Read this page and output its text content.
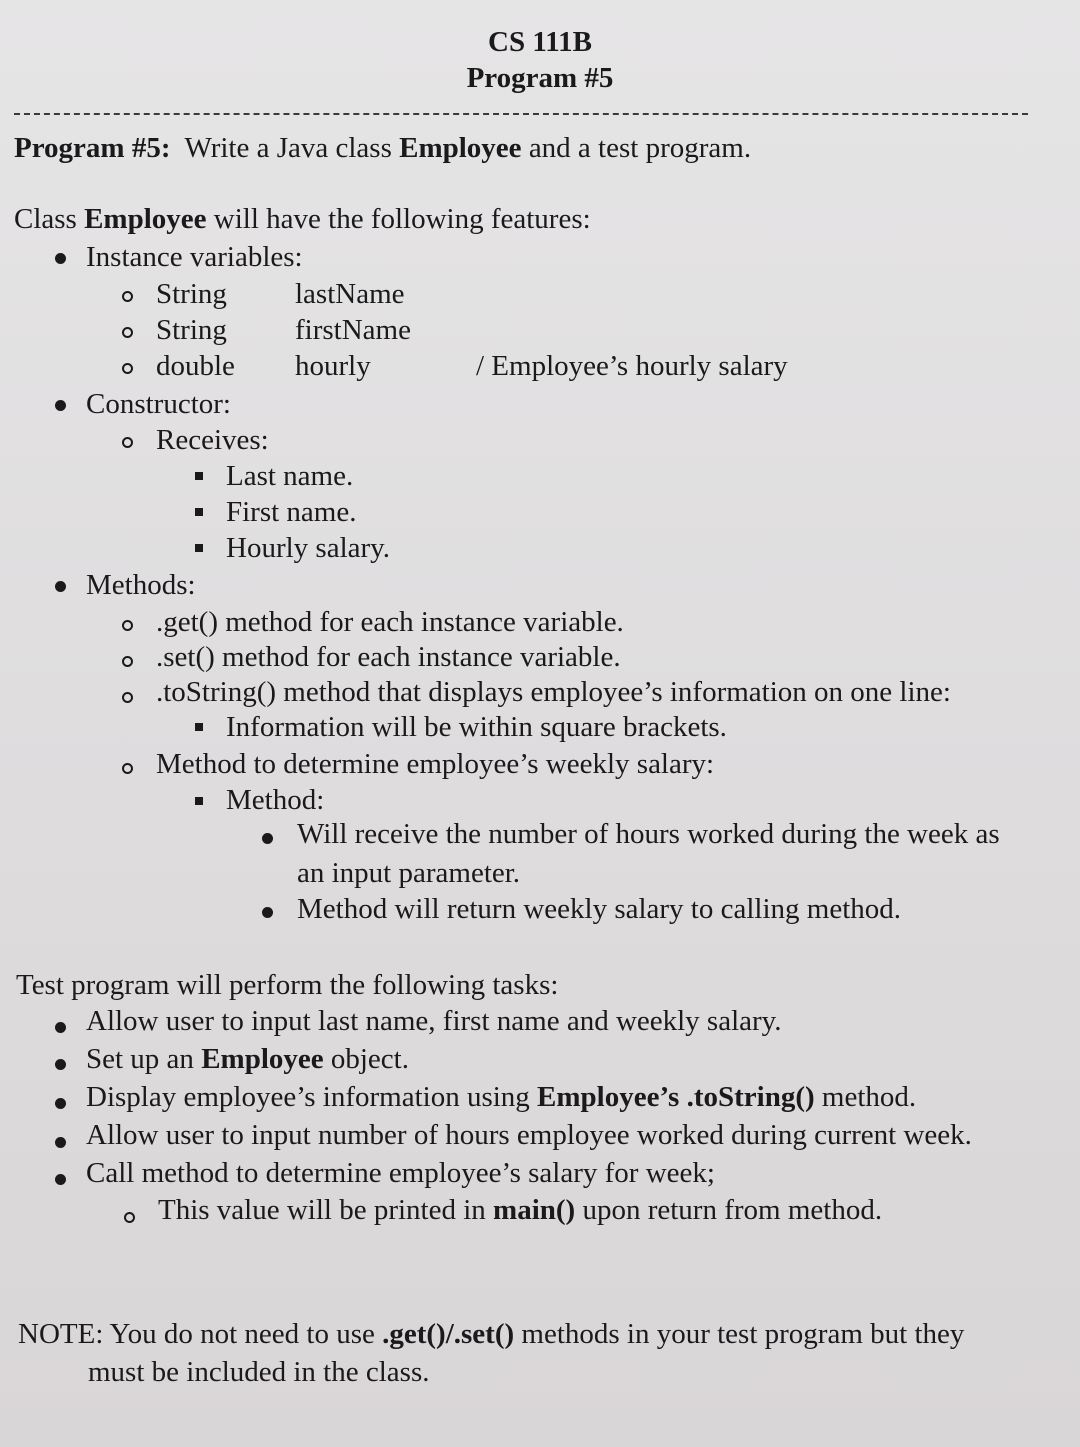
CS 111B
Program #5
Program #5: Write a Java class Employee and a test program.
Class Employee will have the following features:
Instance variables:
String lastName
String firstName
double hourly	/ Employee’s hourly salary
Constructor:
Receives:
Last name.
First name.
Hourly salary.
Methods:
.get() method for each instance variable.
.set() method for each instance variable.
.toString() method that displays employee’s information on one line:
Information will be within square brackets.
Method to determine employee’s weekly salary:
Method:
Will receive the number of hours worked during the week as
an input parameter.
Method will return weekly salary to calling method.
Test program will perform the following tasks:
Allow user to input last name, first name and weekly salary.
Set up an Employee object.
Display employee’s information using Employee’s .toString() method.
Allow user to input number of hours employee worked during current week.
Call method to determine employee’s salary for week;
This value will be printed in main() upon return from method.
NOTE: You do not need to use .get()/.set() methods in your test program but they
must be included in the class.
